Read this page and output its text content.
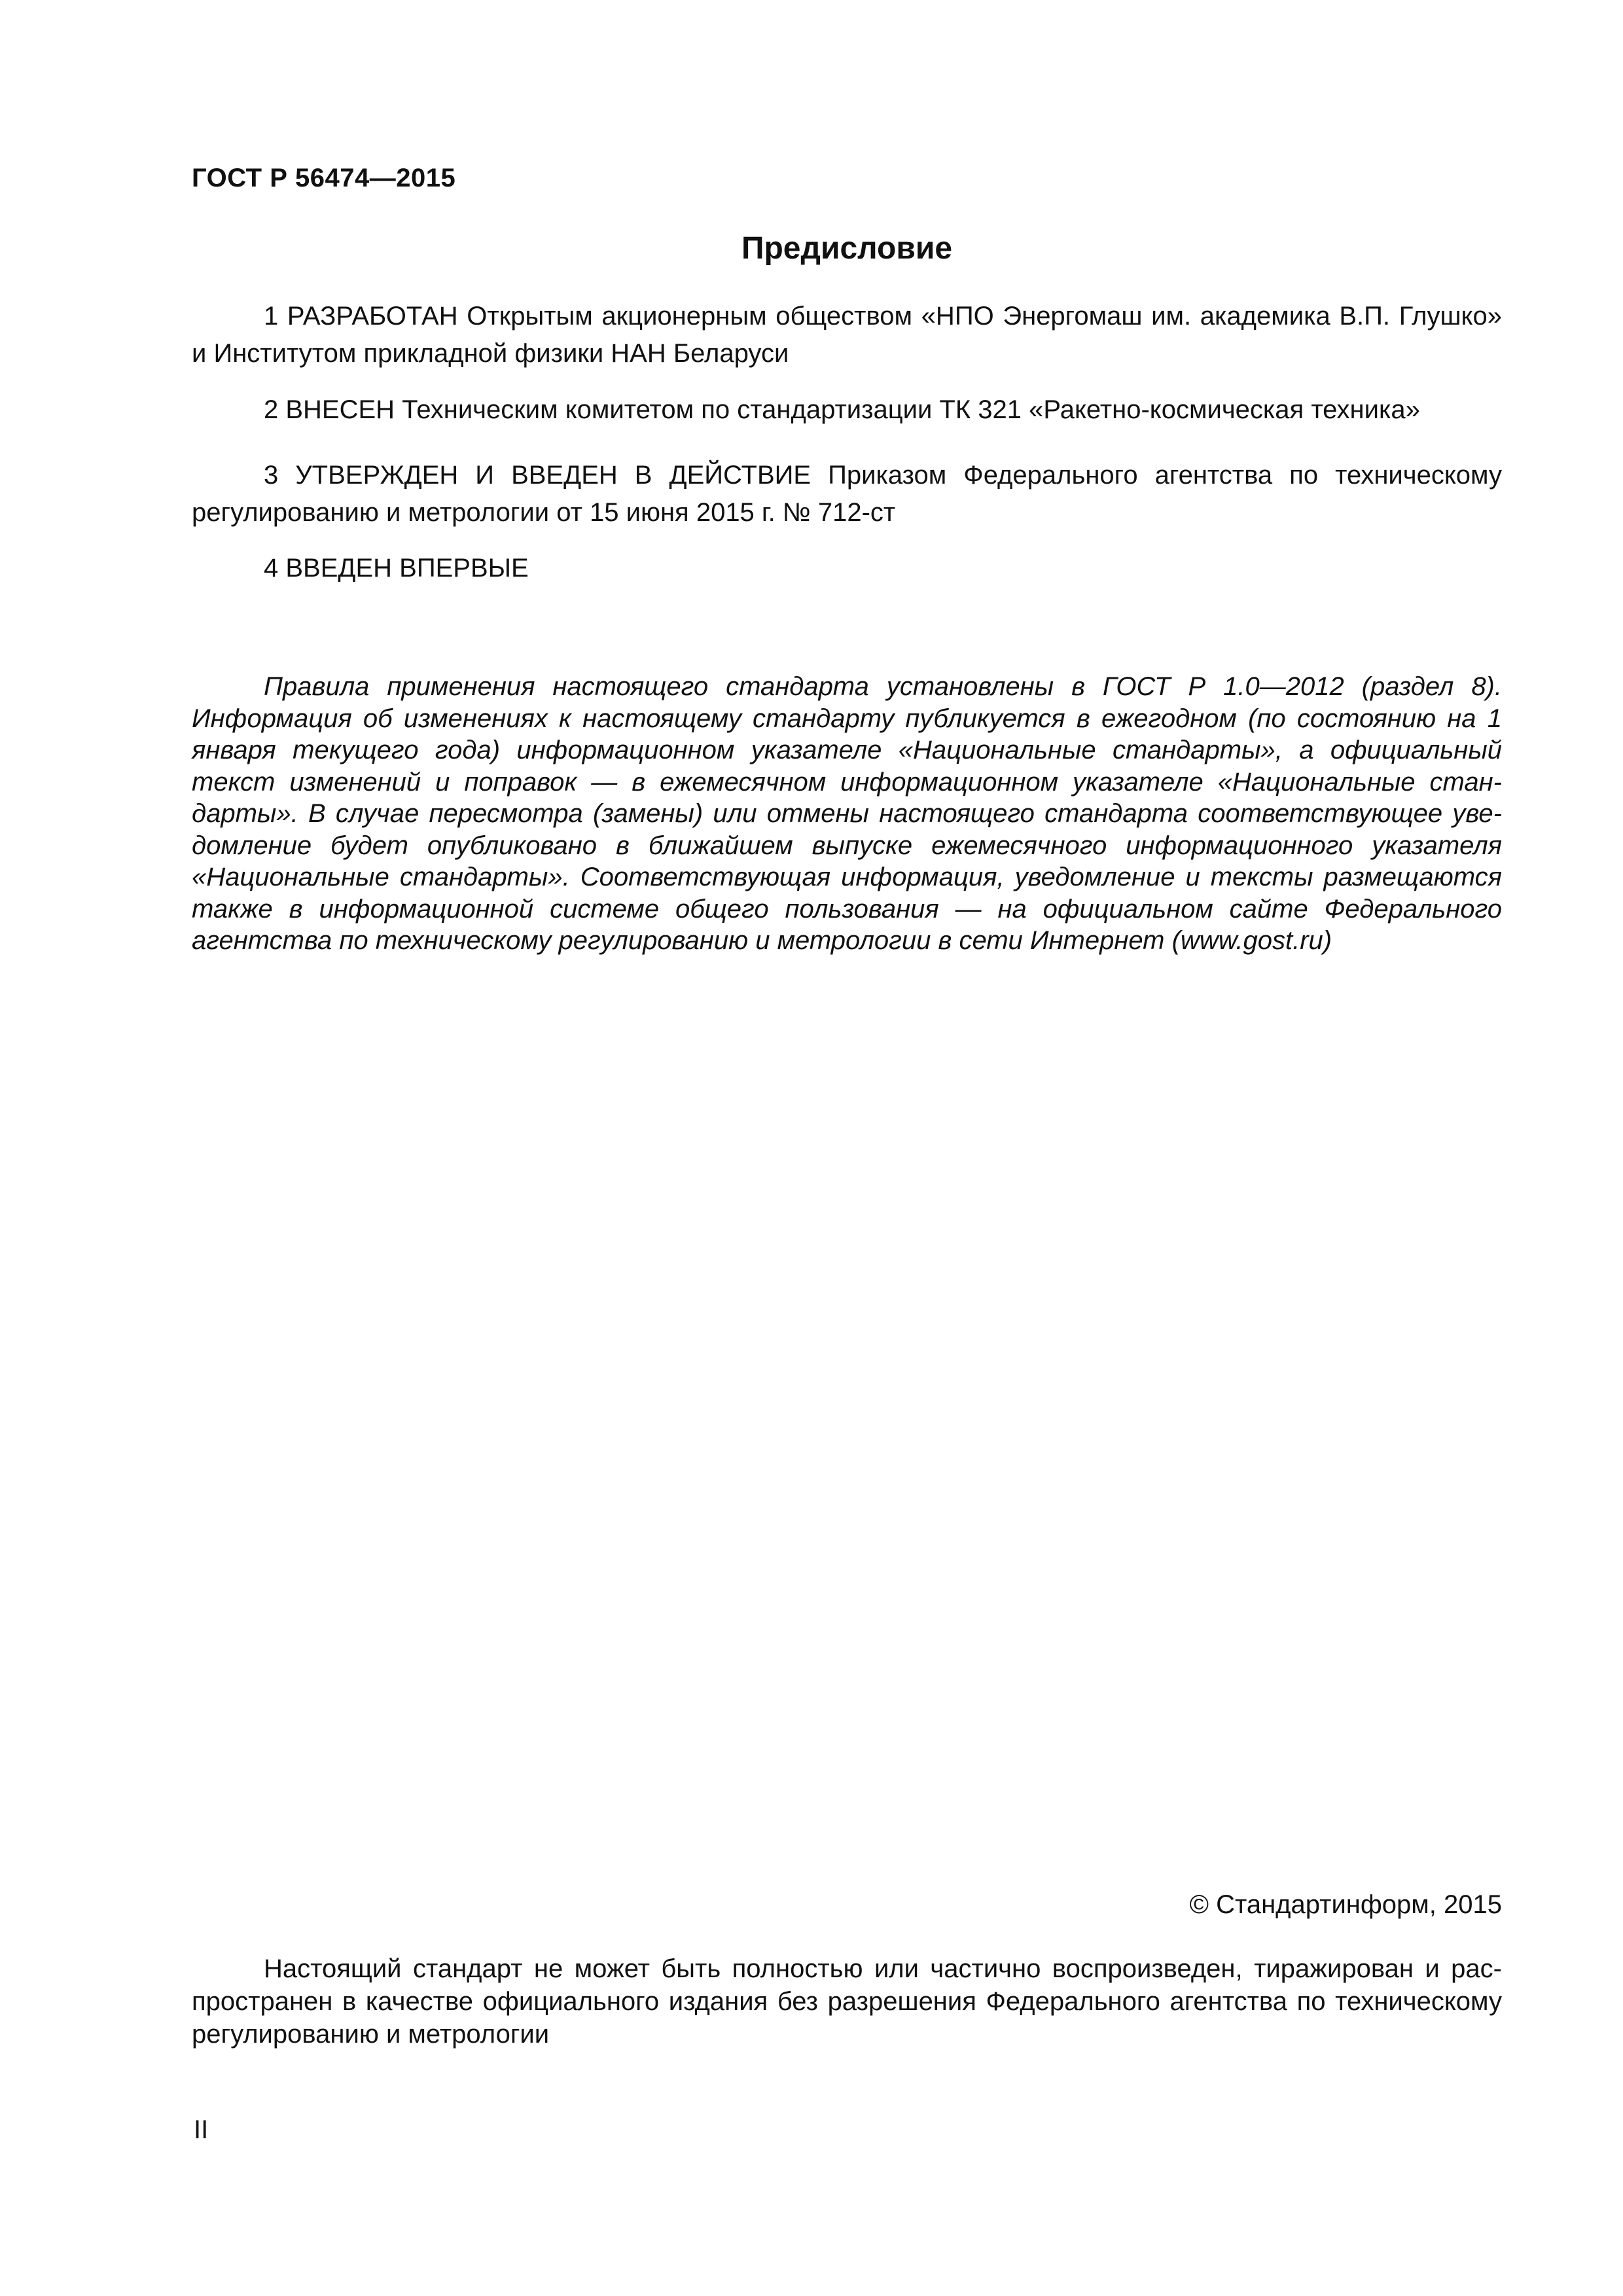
ГОСТ Р 56474—2015
Предисловие

1 РАЗРАБОТАН Открытым акционерным обществом «НПО Энергомаш им. академика В.П. Глушко» и Институтом прикладной физики НАН Беларуси

2 ВНЕСЕН Техническим комитетом по стандартизации ТК 321 «Ракетно-космическая техника»

3 УТВЕРЖДЕН И ВВЕДЕН В ДЕЙСТВИЕ Приказом Федерального агентства по техническому регулированию и метрологии от 15 июня 2015 г. № 712-ст

4 ВВЕДЕН ВПЕРВЫЕ

Правила применения настоящего стандарта установлены в ГОСТ Р 1.0—2012 (раздел 8). Информация об изменениях к настоящему стандарту публикуется в ежегодном (по состоянию на 1 января текущего года) информационном указателе «Национальные стандарты», а официальный текст изменений и поправок — в ежемесячном информационном указателе «Национальные стандарты». В случае пересмотра (замены) или отмены настоящего стандарта соответствующее уведомление будет опубликовано в ближайшем выпуске ежемесячного информационного указателя «Национальные стандарты». Соответствующая информация, уведомление и тексты размещаются также в информационной системе общего пользования — на официальном сайте Федерального агентства по техническому регулированию и метрологии в сети Интернет (www.gost.ru)

© Стандартинформ, 2015

Настоящий стандарт не может быть полностью или частично воспроизведен, тиражирован и распространен в качестве официального издания без разрешения Федерального агентства по техническому регулированию и метрологии

II
